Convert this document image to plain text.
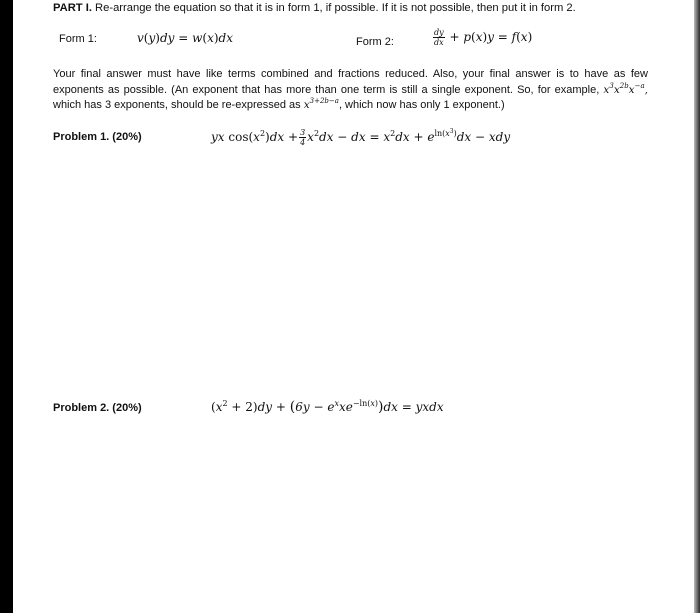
PART I. Re-arrange the equation so that it is in form 1, if possible. If it is not possible, then put it in form 2.
Form 1:	v(y)dy = w(x)dx	Form 2:	$\frac{dy}{dx} + p(x)y = f(x)$
Your final answer must have like terms combined and fractions reduced. Also, your final answer is to have as few
exponents as possible. (An exponent that has more than one term is still a single exponent. So, for example, $x^3x^{2b}x^{-a}$,
which has 3 exponents, should be re-expressed as $x^{3+2b-a}$, which now has only 1 exponent.)
Problem 1. (20%)	yx $\cos(x^2)dx + \frac{3}{4} x^2dx$ − dx = $x^2dx + e^{ln(x^3)}dx$ − xdy
Problem 2. (20%)	$(x^2 + 2)dy + (6y - e^xxe^{-ln(x)})dx$ = yxdx
